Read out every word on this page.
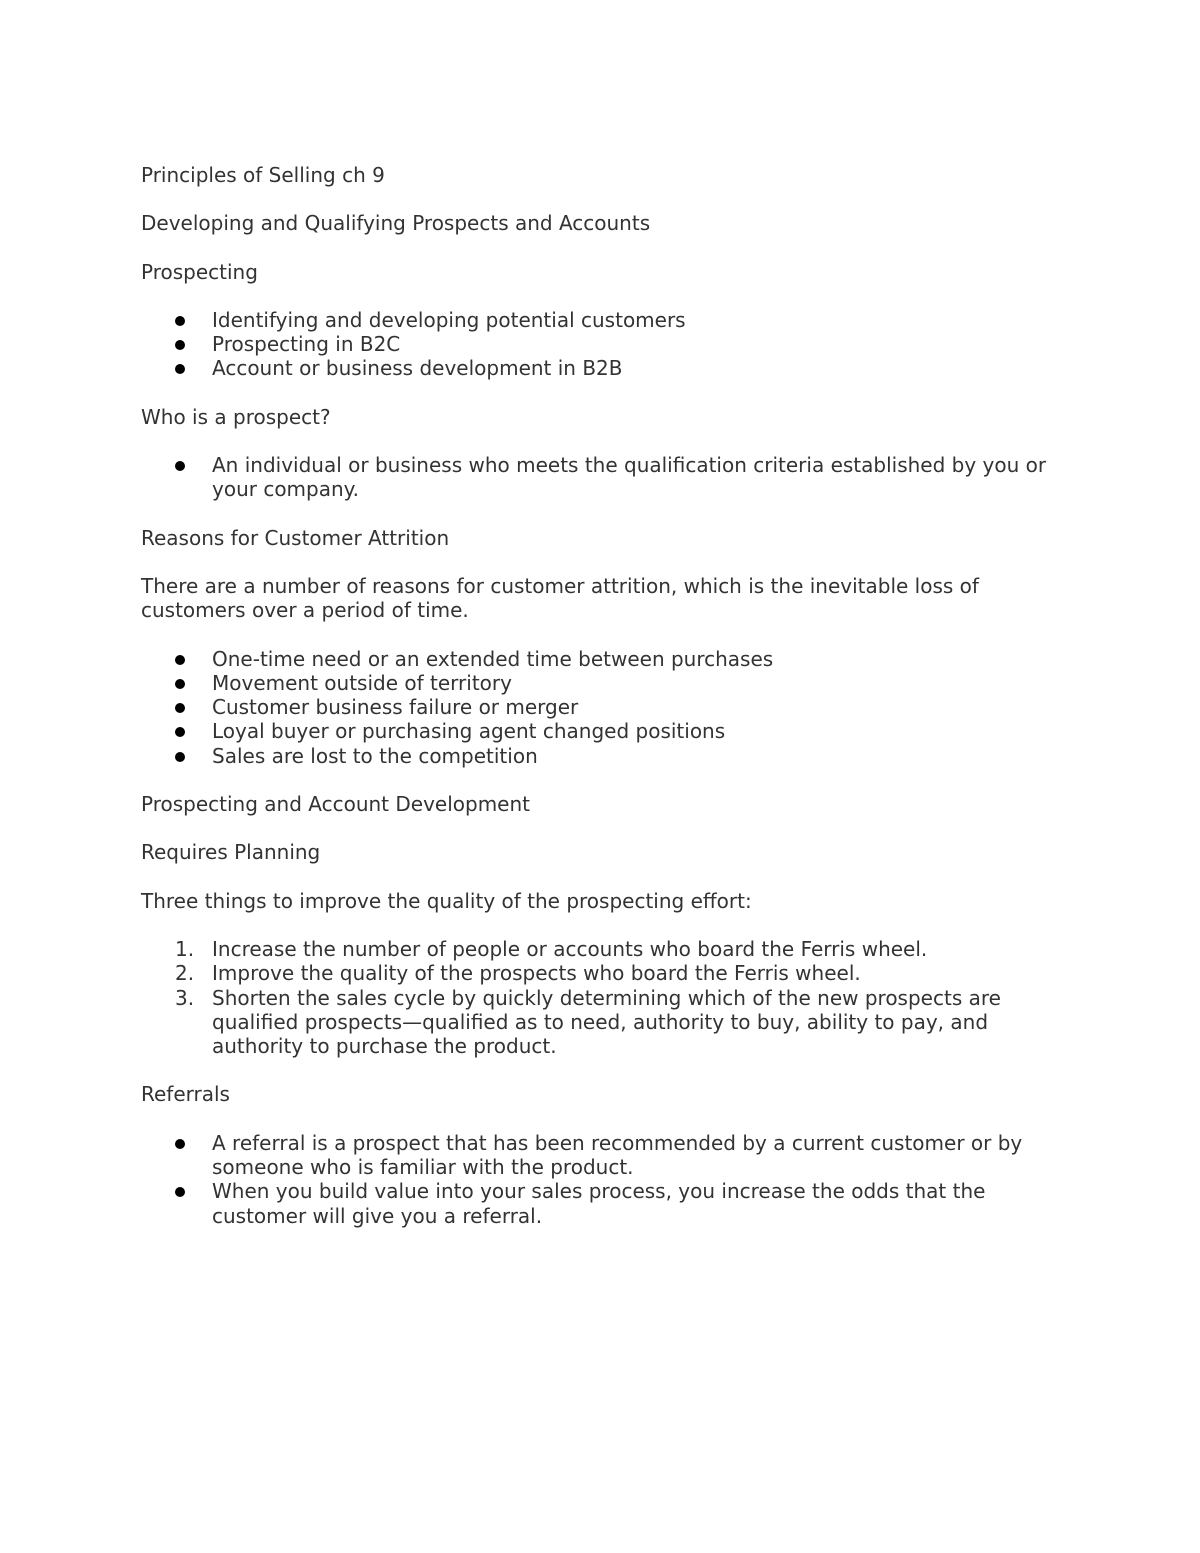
Principles of Selling ch 9

Developing and Qualifying Prospects and Accounts

Prospecting

Identifying and developing potential customers
Prospecting in B2C
Account or business development in B2B

Who is a prospect?

An individual or business who meets the qualification criteria established by you or your company.

Reasons for Customer Attrition

There are a number of reasons for customer attrition, which is the inevitable loss of customers over a period of time.

One-time need or an extended time between purchases
Movement outside of territory
Customer business failure or merger
Loyal buyer or purchasing agent changed positions
Sales are lost to the competition

Prospecting and Account Development

Requires Planning

Three things to improve the quality of the prospecting effort:

1. Increase the number of people or accounts who board the Ferris wheel.
2. Improve the quality of the prospects who board the Ferris wheel.
3. Shorten the sales cycle by quickly determining which of the new prospects are qualified prospects—qualified as to need, authority to buy, ability to pay, and authority to purchase the product.

Referrals

A referral is a prospect that has been recommended by a current customer or by someone who is familiar with the product.
When you build value into your sales process, you increase the odds that the customer will give you a referral.
